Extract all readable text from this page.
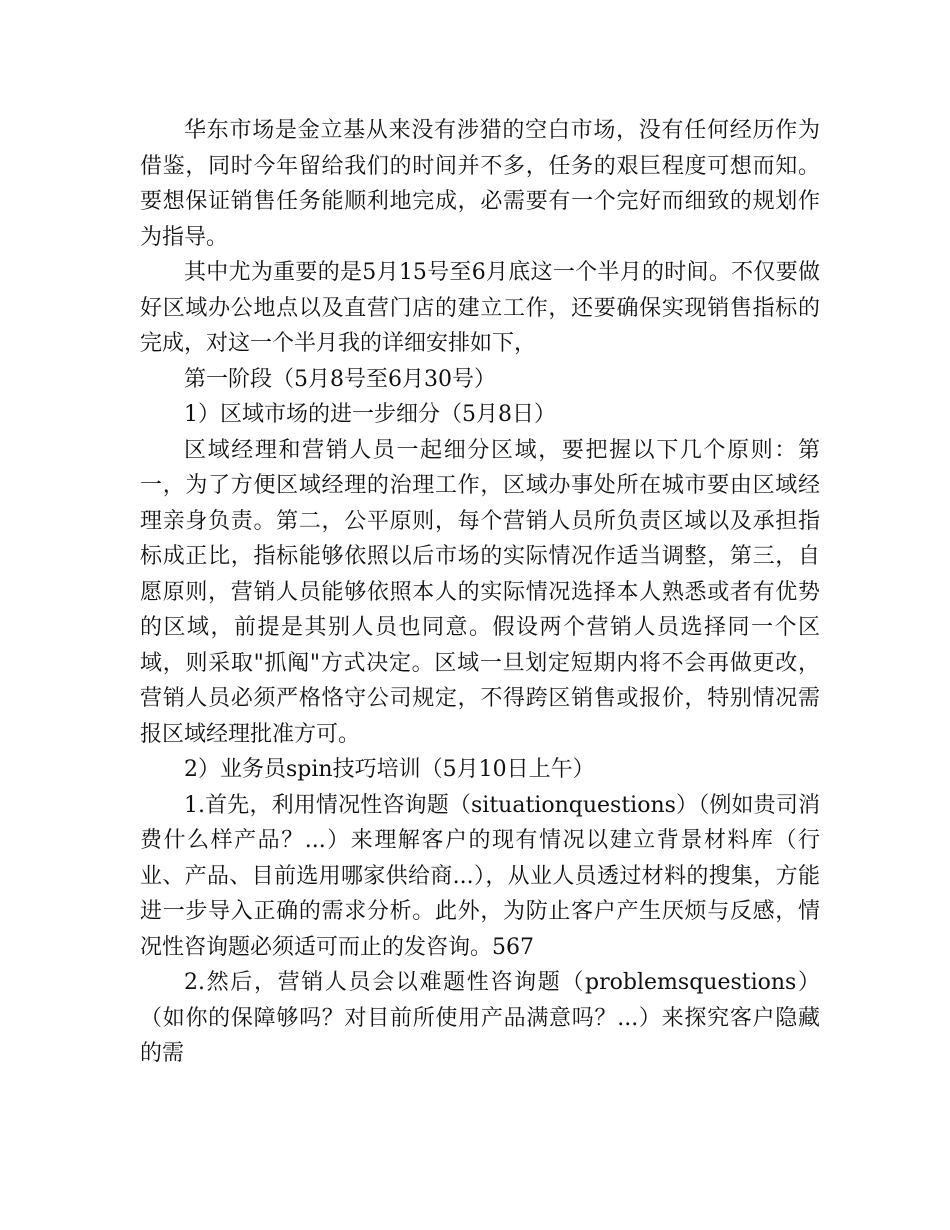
华东市场是金立基从来没有涉猎的空白市场，没有任何经历作为借鉴，同时今年留给我们的时间并不多，任务的艰巨程度可想而知。要想保证销售任务能顺利地完成，必需要有一个完好而细致的规划作为指导。

其中尤为重要的是5月15号至6月底这一个半月的时间。不仅要做好区域办公地点以及直营门店的建立工作，还要确保实现销售指标的完成，对这一个半月我的详细安排如下，

第一阶段（5月8号至6月30号）

1）区域市场的进一步细分（5月8日）

区域经理和营销人员一起细分区域，要把握以下几个原则：第一，为了方便区域经理的治理工作，区域办事处所在城市要由区域经理亲身负责。第二，公平原则，每个营销人员所负责区域以及承担指标成正比，指标能够依照以后市场的实际情况作适当调整，第三，自愿原则，营销人员能够依照本人的实际情况选择本人熟悉或者有优势的区域，前提是其别人员也同意。假设两个营销人员选择同一个区域，则采取"抓阄"方式决定。区域一旦划定短期内将不会再做更改，营销人员必须严格恪守公司规定，不得跨区销售或报价，特别情况需报区域经理批准方可。

2）业务员spin技巧培训（5月10日上午）

1.首先，利用情况性咨询题（situationquestions）（例如贵司消费什么样产品？...）来理解客户的现有情况以建立背景材料库（行业、产品、目前选用哪家供给商...），从业人员透过材料的搜集，方能进一步导入正确的需求分析。此外，为防止客户产生厌烦与反感，情况性咨询题必须适可而止的发咨询。567

2.然后，营销人员会以难题性咨询题（problemsquestions）（如你的保障够吗？对目前所使用产品满意吗？...）来探究客户隐藏的需
